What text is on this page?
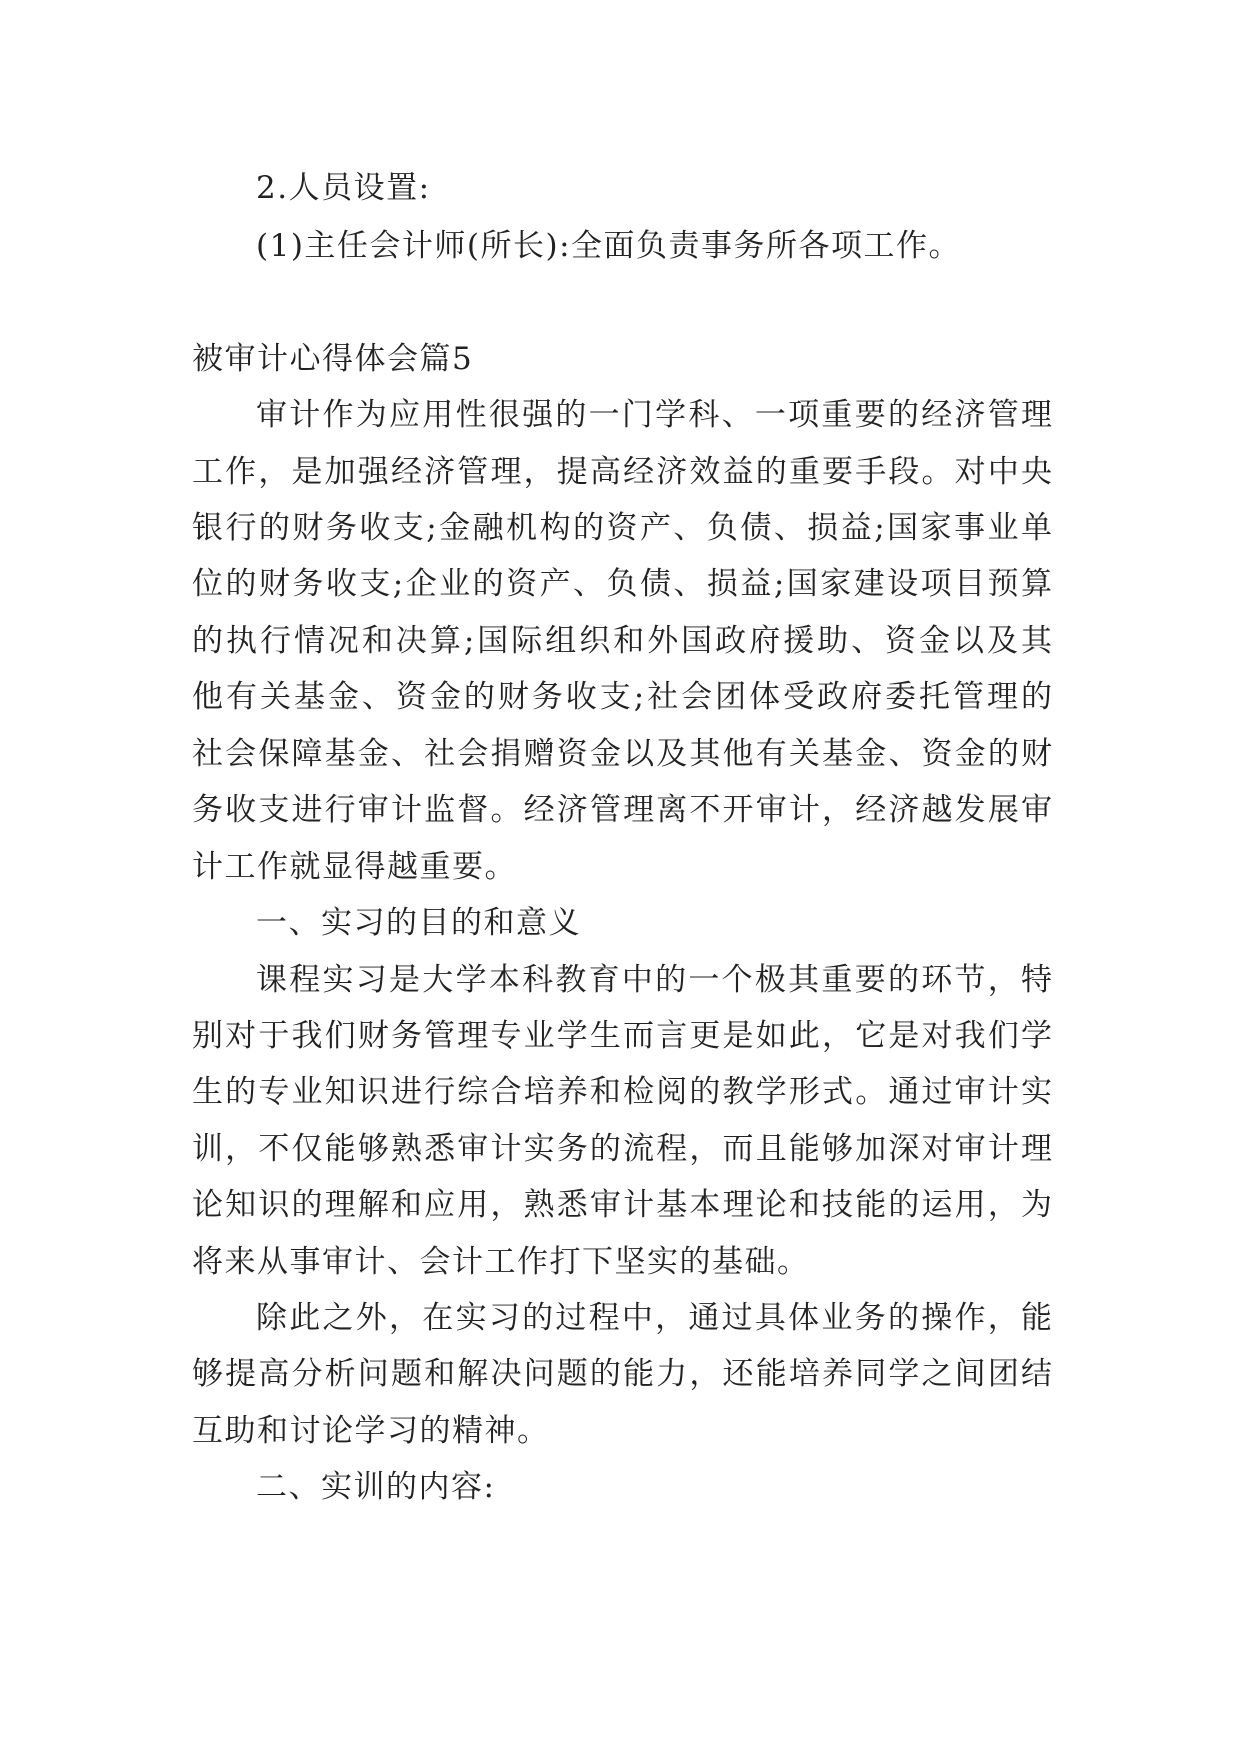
2.人员设置:
(1)主任会计师(所长):全面负责事务所各项工作。
被审计心得体会篇5
审计作为应用性很强的一门学科、一项重要的经济管理
工作，是加强经济管理，提高经济效益的重要手段。对中央
银行的财务收支;金融机构的资产、负债、损益;国家事业单
位的财务收支;企业的资产、负债、损益;国家建设项目预算
的执行情况和决算;国际组织和外国政府援助、资金以及其
他有关基金、资金的财务收支;社会团体受政府委托管理的
社会保障基金、社会捐赠资金以及其他有关基金、资金的财
务收支进行审计监督。经济管理离不开审计，经济越发展审
计工作就显得越重要。
一、实习的目的和意义
课程实习是大学本科教育中的一个极其重要的环节，特
别对于我们财务管理专业学生而言更是如此，它是对我们学
生的专业知识进行综合培养和检阅的教学形式。通过审计实
训，不仅能够熟悉审计实务的流程，而且能够加深对审计理
论知识的理解和应用，熟悉审计基本理论和技能的运用，为
将来从事审计、会计工作打下坚实的基础。
除此之外，在实习的过程中，通过具体业务的操作，能
够提高分析问题和解决问题的能力，还能培养同学之间团结
互助和讨论学习的精神。
二、实训的内容:
